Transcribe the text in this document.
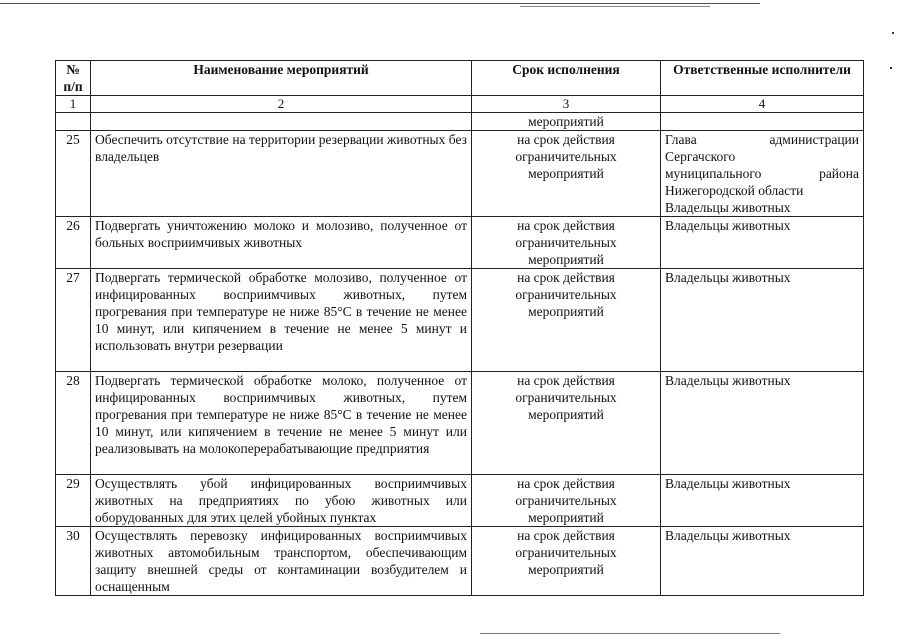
№ п/п	Наименование мероприятий	Срок исполнения	Ответственные исполнители
1	2	3	4
		мероприятий	
25	Обеспечить отсутствие на территории резервации животных без владельцев	на срок действия ограничительных мероприятий	Глава администрации
Сергачского
муниципального района
Нижегородской области
Владельцы животных

26	Подвергать уничтожению молоко и молозиво, полученное от больных восприимчивых животных	на срок действия ограничительных мероприятий	Владельцы животных
27	Подвергать термической обработке молозиво, полученное от инфицированных восприимчивых животных, путем прогревания при температуре не ниже 85°С в течение не менее 10 минут, или кипячением в течение не менее 5 минут и использовать внутри резервации	на срок действия ограничительных мероприятий	Владельцы животных
28	Подвергать термической обработке молоко, полученное от инфицированных восприимчивых животных, путем прогревания при температуре не ниже 85°С в течение не менее 10 минут, или кипячением в течение не менее 5 минут или реализовывать на молокоперерабатывающие предприятия	на срок действия ограничительных мероприятий	Владельцы животных
29	Осуществлять убой инфицированных восприимчивых животных на предприятиях по убою животных или оборудованных для этих целей убойных пунктах	на срок действия ограничительных мероприятий	Владельцы животных
30	Осуществлять перевозку инфицированных восприимчивых животных автомобильным транспортом, обеспечивающим защиту внешней среды от контаминации возбудителем и оснащенным	на срок действия ограничительных мероприятий	Владельцы животных
